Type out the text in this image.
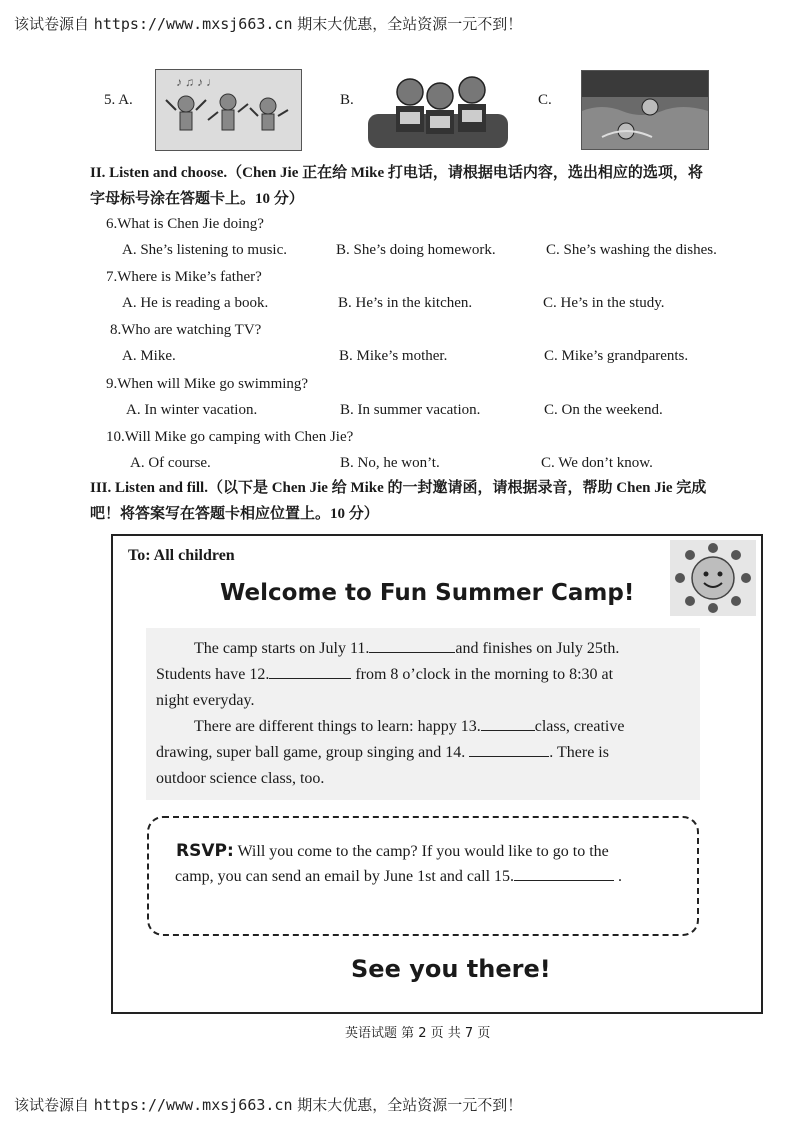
该试卷源自 https://www.mxsj663.cn 期末大优惠，全站资源一元不到！
5. A.
♪ ♫ ♪ ♩
B.	C.
II. Listen and choose.（Chen Jie 正在给 Mike 打电话，请根据电话内容，选出相应的选项，将
字母标号涂在答题卡上。10 分）
6.What is Chen Jie doing?
A. She’s listening to music.	B. She’s doing homework.	C. She’s washing the dishes.
7.Where is Mike’s father?
A. He is reading a book.	B. He’s in the kitchen.	C. He’s in the study.
8.Who are watching TV?
A. Mike.	B. Mike’s mother.	C. Mike’s grandparents.
9.When will Mike go swimming?
A. In winter vacation.	B. In summer vacation.	C. On the weekend.
10.Will Mike go camping with Chen Jie?
A. Of course.	B. No, he won’t.	C. We don’t know.
III. Listen and fill.（以下是 Chen Jie 给 Mike 的一封邀请函，请根据录音，帮助 Chen Jie 完成
吧！将答案写在答题卡相应位置上。10 分）
To: All children
Welcome to Fun Summer Camp!
The camp starts on July 11.	and finishes on July 25th.
Students have 12.	from 8 o’clock in the morning to 8:30 at
night everyday.
There are different things to learn: happy 13.	class, creative
drawing, super ball game, group singing and 14.	. There is
outdoor science class, too.
RSVP: Will you come to the camp? If you would like to go to the
camp, you can send an email by June 1st and call 15.	.
See you there!
英语试题 第 2 页 共 7 页
该试卷源自 https://www.mxsj663.cn 期末大优惠，全站资源一元不到！
